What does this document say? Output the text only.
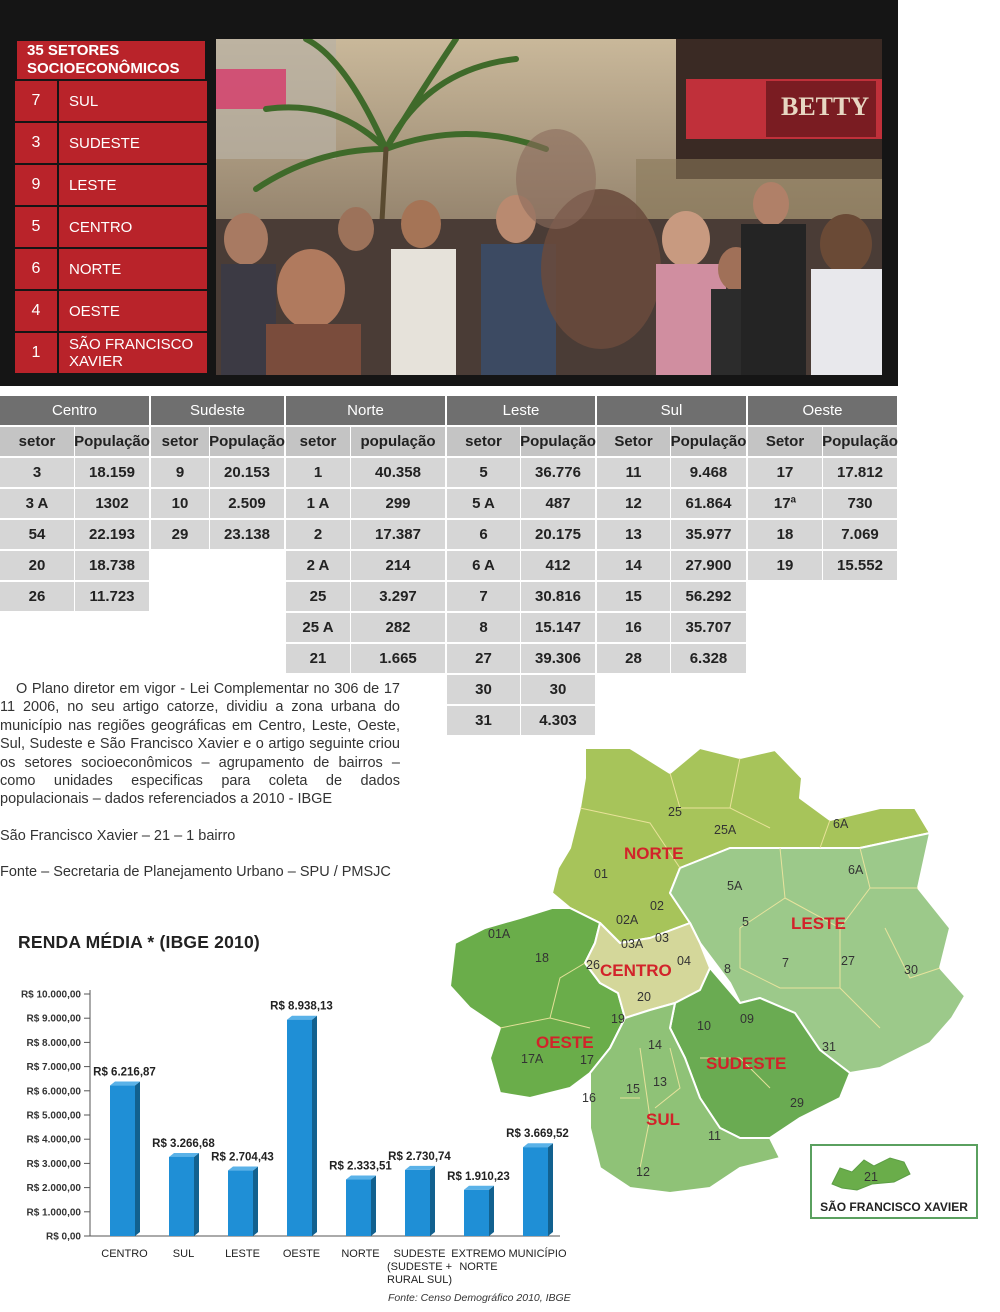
35 SETORES SOCIOECONÔMICOS
7	SUL
3	SUDESTE
9	LESTE
5	CENTRO
6	NORTE
4	OESTE
1	SÃO FRANCISCO XAVIER
BETTY
Centro
setor	População
3	18.159
3 A	1302
54	22.193
20	18.738
26	11.723
Sudeste
setor População
9	20.153
10	2.509
29	23.138
Norte
setor	população
1	40.358
1 A	299
2	17.387
2 A	214
25	3.297
25 A	282
21	1.665
Leste
setor	População
5	36.776
5 A	487
6	20.175
6 A	412
7	30.816
8	15.147
27	39.306
30	30
31	4.303
Sul
Setor	População
11	9.468
12	61.864
13	35.977
14	27.900
15	56.292
16	35.707
28	6.328
Oeste
Setor	População
17	17.812
17ª	730
18	7.069
19	15.552

O Plano diretor em vigor - Lei Complementar no 306 de 17 11 2006, no seu artigo catorze, dividiu a zona urbana do município nas regiões geográficas em Centro, Leste, Oeste, Sul, Sudeste e São Francisco Xavier e o artigo seguinte criou os setores socioeconômicos – agrupamento de bairros – como unidades especificas para coleta de dados populacionais – dados referenciados a 2010 - IBGE

São Francisco Xavier – 21 – 1 bairro

Fonte – Secretaria de Planejamento Urbano – SPU / PMSJC

RENDA MÉDIA * (IBGE 2010)
R$ 0,00
R$ 1.000,00
R$ 2.000,00
R$ 3.000,00
R$ 4.000,00
R$ 5.000,00
R$ 6.000,00
R$ 7.000,00
R$ 8.000,00
R$ 9.000,00
R$ 10.000,00
R$ 6.216,87
CENTRO
R$ 3.266,68
SUL
R$ 2.704,43
LESTE
R$ 8.938,13
OESTE
R$ 2.333,51
NORTE
R$ 2.730,74
SUDESTE
(SUDESTE +
RURAL SUL)
R$ 1.910,23
EXTREMO
NORTE
R$ 3.669,52
MUNICÍPIO
Fonte: Censo Demográfico 2010, IBGE
25
25A	6A
6A
01
5A
02
02A
01A
5
03A 03
18	26	04
8	7	27
30
20
19	10 09
31
14
17A	17
13
15
16	29
11
12
NORTE
LESTE
CENTRO
OESTE
SUDESTE
SUL
21
SÃO FRANCISCO XAVIER
